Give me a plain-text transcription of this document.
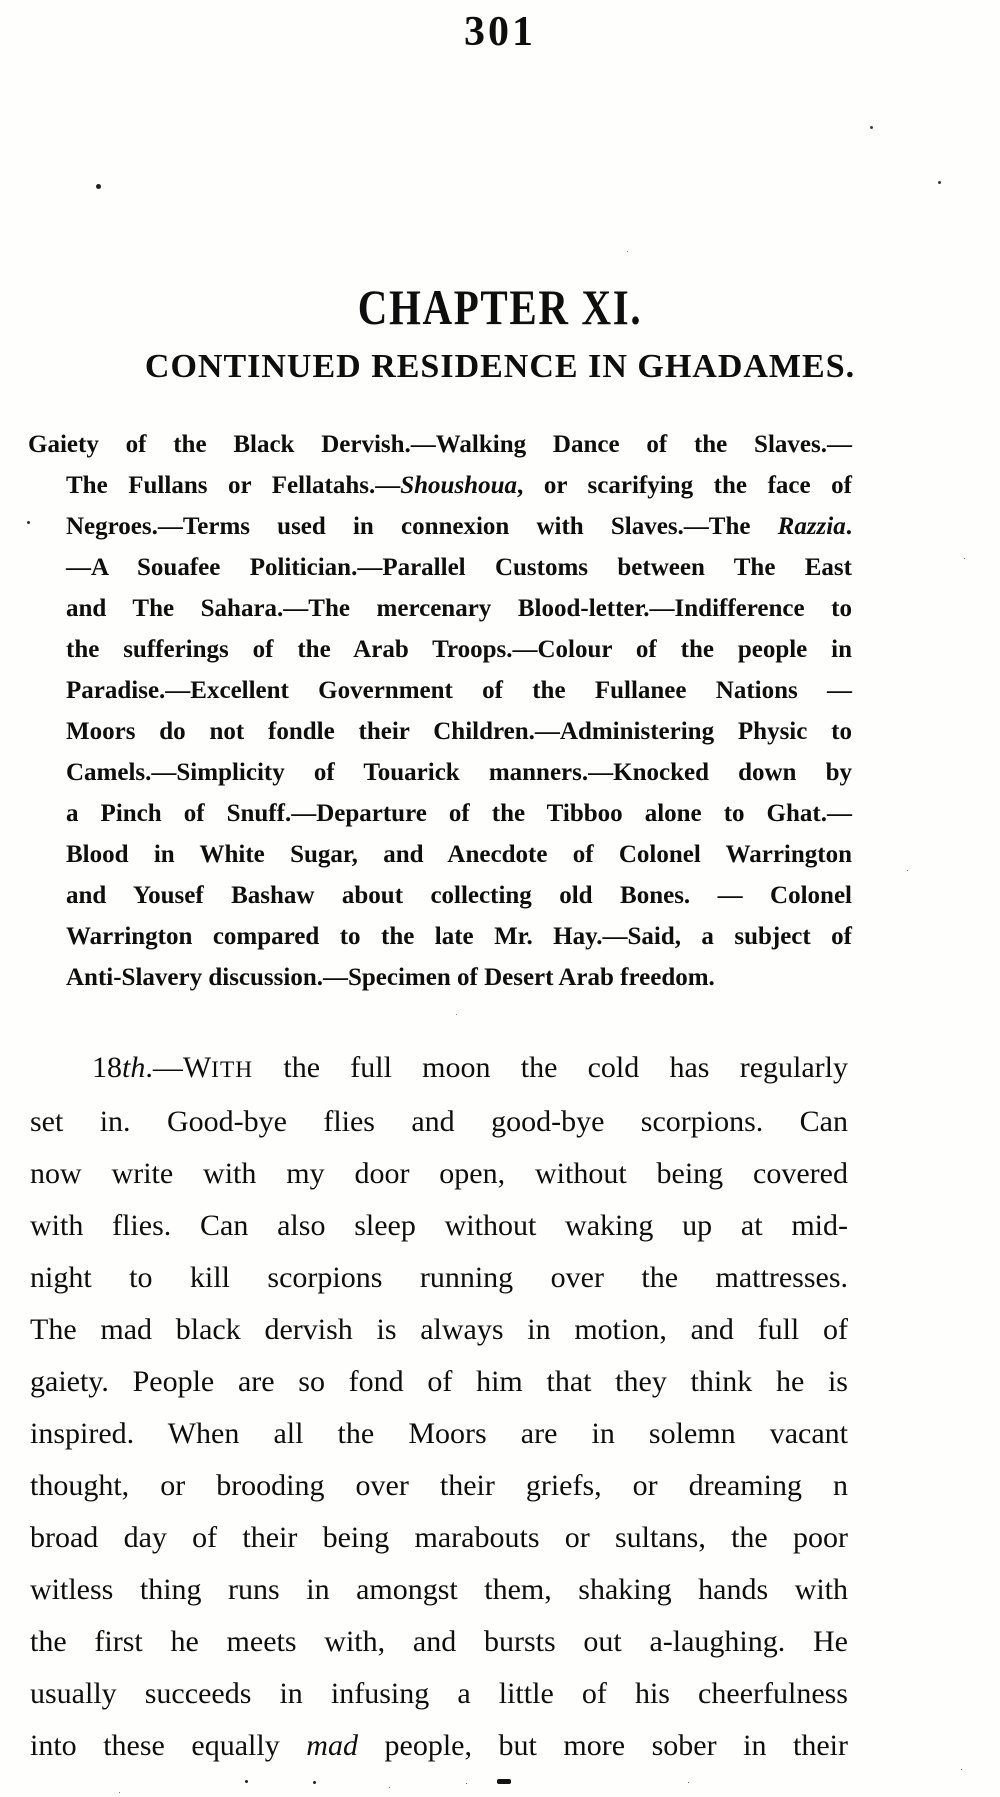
301
CHAPTER XI.
CONTINUED RESIDENCE IN GHADAMES.
Gaiety of the Black Dervish.—Walking Dance of the Slaves.—
The Fullans or Fellatahs.—Shoushoua, or scarifying the face of
Negroes.—Terms used in connexion with Slaves.—The Razzia.
—A Souafee Politician.—Parallel Customs between The East
and The Sahara.—The mercenary Blood-letter.—Indifference to
the sufferings of the Arab Troops.—Colour of the people in
Paradise.—Excellent Government of the Fullanee Nations —
Moors do not fondle their Children.—Administering Physic to
Camels.—Simplicity of Touarick manners.—Knocked down by
a Pinch of Snuff.—Departure of the Tibboo alone to Ghat.—
Blood in White Sugar, and Anecdote of Colonel Warrington
and Yousef Bashaw about collecting old Bones. — Colonel
Warrington compared to the late Mr. Hay.—Said, a subject of
Anti-Slavery discussion.—Specimen of Desert Arab freedom.
18th.—WITH the full moon the cold has regularly
set in. Good-bye flies and good-bye scorpions. Can
now write with my door open, without being covered
with flies. Can also sleep without waking up at mid-
night to kill scorpions running over the mattresses.
The mad black dervish is always in motion, and full of
gaiety. People are so fond of him that they think he is
inspired. When all the Moors are in solemn vacant
thought, or brooding over their griefs, or dreaming n
broad day of their being marabouts or sultans, the poor
witless thing runs in amongst them, shaking hands with
the first he meets with, and bursts out a-laughing. He
usually succeeds in infusing a little of his cheerfulness
into these equally mad people, but more sober in their
